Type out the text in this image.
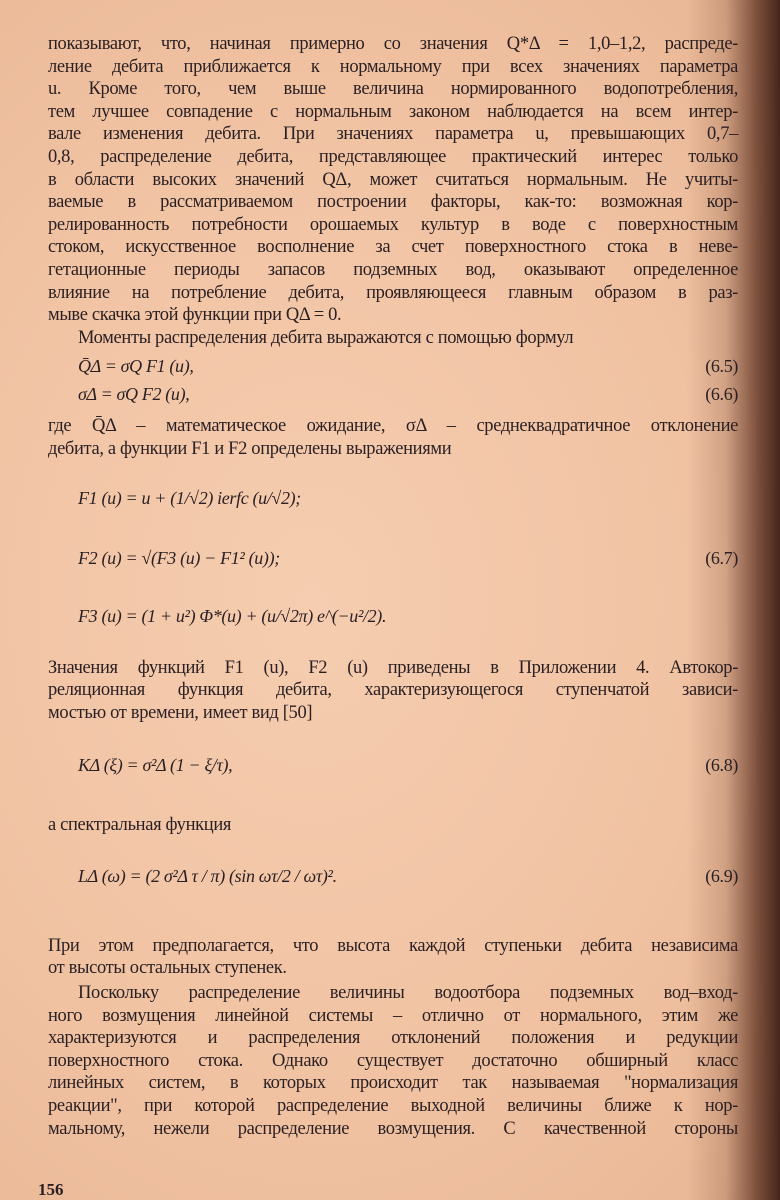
показывают, что, начиная примерно со значения Q*Δ = 1,0–1,2, распреде-
ление дебита приближается к нормальному при всех значениях параметра
u. Кроме того, чем выше величина нормированного водопотребления,
тем лучшее совпадение с нормальным законом наблюдается на всем интер-
вале изменения дебита. При значениях параметра u, превышающих 0,7–
0,8, распределение дебита, представляющее практический интерес только
в области высоких значений QΔ, может считаться нормальным. Не учиты-
ваемые в рассматриваемом построении факторы, как-то: возможная кор-
релированность потребности орошаемых культур в воде с поверхностным
стоком, искусственное восполнение за счет поверхностного стока в неве-
гетационные периоды запасов подземных вод, оказывают определенное
влияние на потребление дебита, проявляющееся главным образом в раз-
мыве скачка этой функции при QΔ = 0.
Моменты распределения дебита выражаются с помощью формул
Q̄Δ = σQ F1 (u),	(6.5)
σΔ = σQ F2 (u),	(6.6)
где Q̄Δ – математическое ожидание, σΔ – среднеквадратичное отклонение
дебита, а функции F1 и F2 определены выражениями
F1 (u) = u + (1/√2) ierfc (u/√2);
F2 (u) = √(F3 (u) − F1² (u));	(6.7)
F3 (u) = (1 + u²) Φ*(u) + (u/√2π) e^(−u²/2).
Значения функций F1 (u), F2 (u) приведены в Приложении 4. Автокор-
реляционная функция дебита, характеризующегося ступенчатой зависи-
мостью от времени, имеет вид [50]
KΔ (ξ) = σ²Δ (1 − ξ/τ),	(6.8)
а спектральная функция
LΔ (ω) = (2 σ²Δ τ / π) (sin ωτ/2 / ωτ)².	(6.9)
При этом предполагается, что высота каждой ступеньки дебита независима
от высоты остальных ступенек.
Поскольку распределение величины водоотбора подземных вод–вход-
ного возмущения линейной системы – отлично от нормального, этим же
характеризуются и распределения отклонений положения и редукции
поверхностного стока. Однако существует достаточно обширный класс
линейных систем, в которых происходит так называемая "нормализация
реакции", при которой распределение выходной величины ближе к нор-
мальному, нежели распределение возмущения. С качественной стороны
156
